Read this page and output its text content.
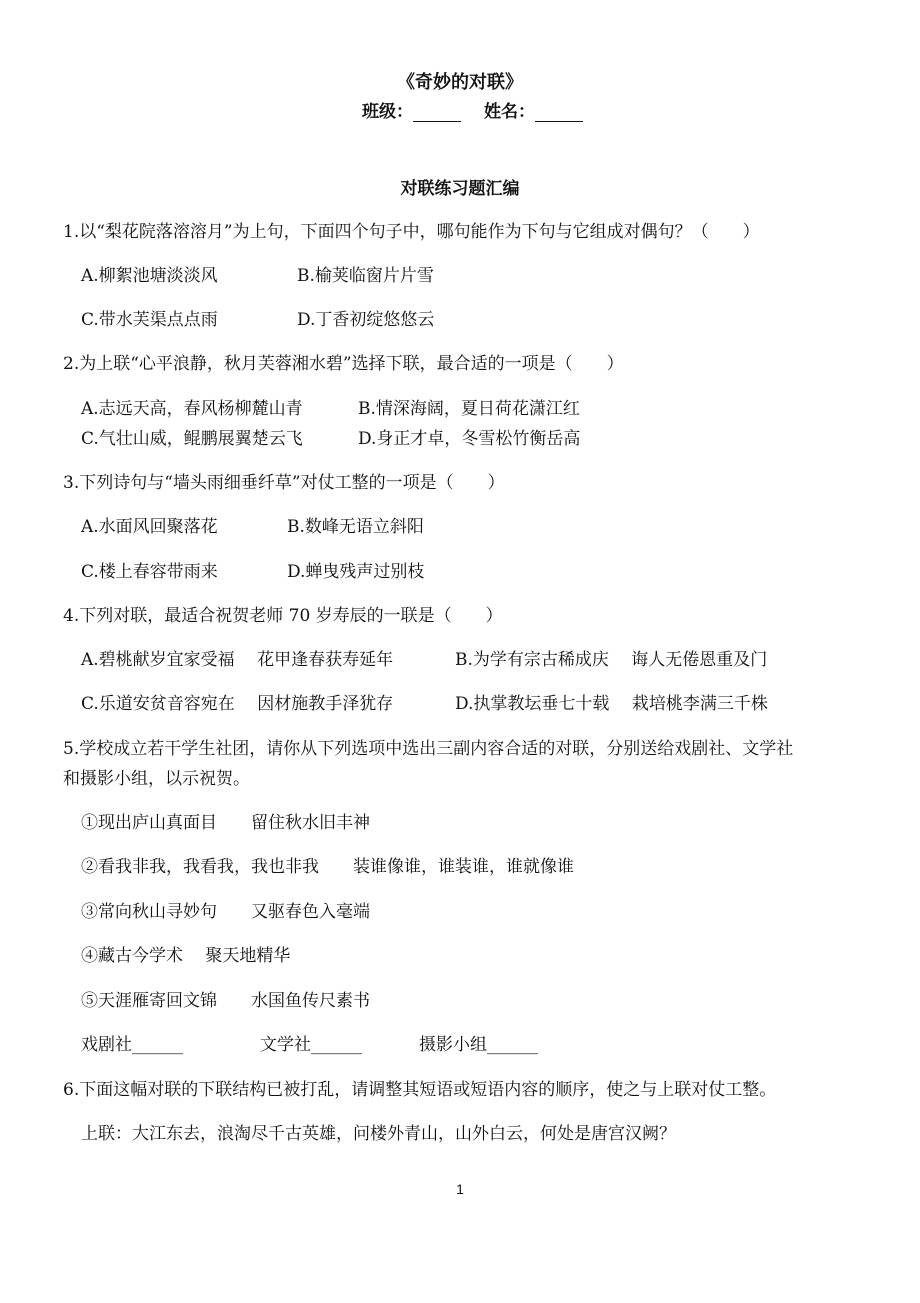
《奇妙的对联》
班级：	姓名：
对联练习题汇编
1.以“梨花院落溶溶月”为上句，下面四个句子中，哪句能作为下句与它组成对偶句？（　　）
A.柳絮池塘淡淡风	B.榆荚临窗片片雪
C.带水芙渠点点雨	D.丁香初绽悠悠云
2.为上联“心平浪静，秋月芙蓉湘水碧”选择下联，最合适的一项是（　　）
A.志远天高，春风杨柳麓山青	B.情深海阔，夏日荷花潇江红
C.气壮山威，鲲鹏展翼楚云飞	D.身正才卓，冬雪松竹衡岳高
3.下列诗句与“墙头雨细垂纤草”对仗工整的一项是（　　）
A.水面风回聚落花	B.数峰无语立斜阳
C.楼上春容带雨来	D.蝉曳残声过别枝
4.下列对联，最适合祝贺老师 70 岁寿辰的一联是（　　）
A.碧桃献岁宜家受福　 花甲逢春获寿延年	B.为学有宗古稀成庆　 诲人无倦恩重及门
C.乐道安贫音容宛在　 因材施教手泽犹存	D.执掌教坛垂七十载　 栽培桃李满三千株
5.学校成立若干学生社团，请你从下列选项中选出三副内容合适的对联，分别送给戏剧社、文学社
和摄影小组，以示祝贺。
①现出庐山真面目　　留住秋水旧丰神
②看我非我，我看我，我也非我　　装谁像谁，谁装谁，谁就像谁
③常向秋山寻妙句　　又驱春色入毫端
④藏古今学术　 聚天地精华
⑤天涯雁寄回文锦　　水国鱼传尺素书
戏剧社______	文学社______	摄影小组______
6.下面这幅对联的下联结构已被打乱，请调整其短语或短语内容的顺序，使之与上联对仗工整。
上联：大江东去，浪淘尽千古英雄，问楼外青山，山外白云，何处是唐宫汉阙？
1
